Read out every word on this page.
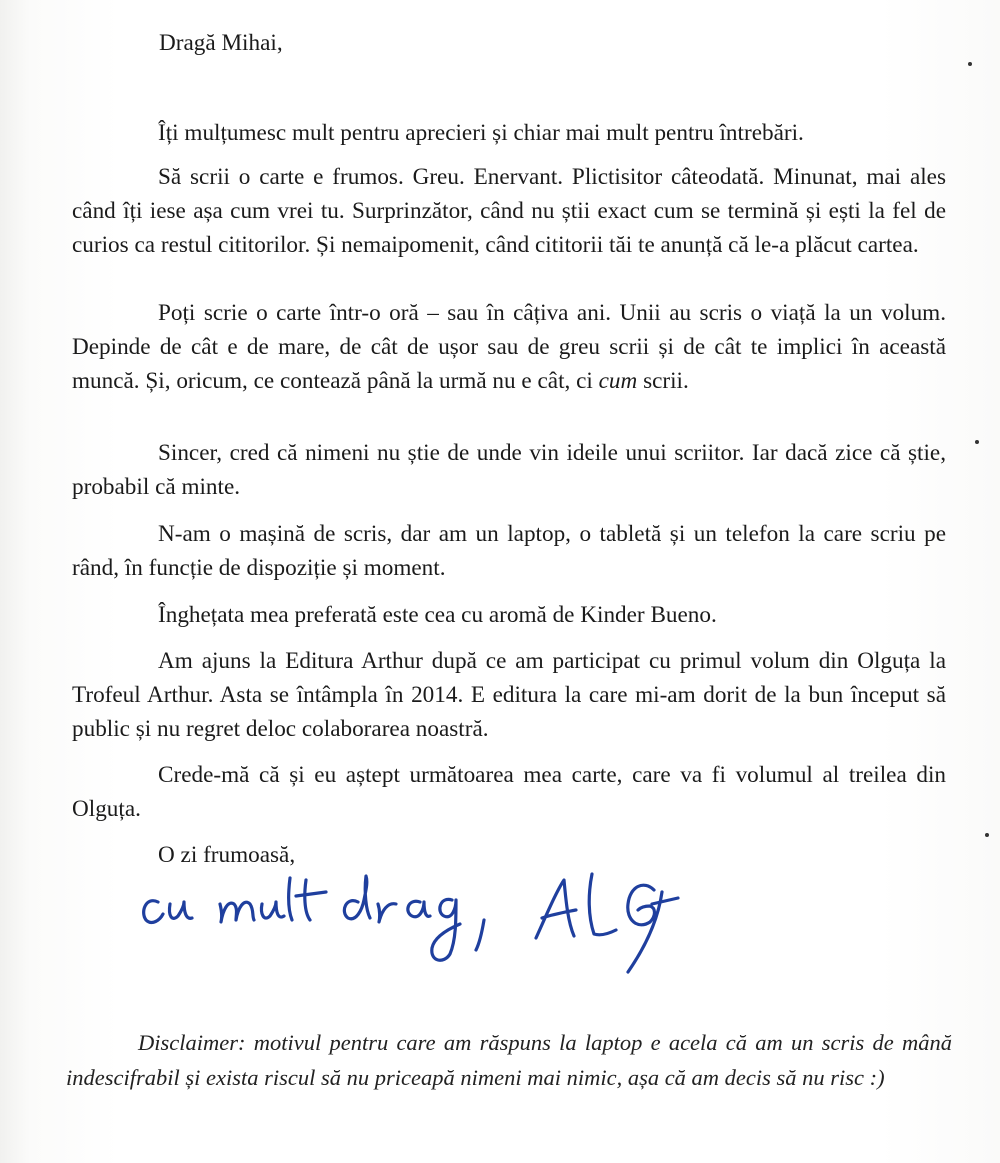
Dragă Mihai,

Îți mulțumesc mult pentru aprecieri și chiar mai mult pentru întrebări.

Să scrii o carte e frumos. Greu. Enervant. Plictisitor câteodată. Minunat, mai ales când îți iese așa cum vrei tu. Surprinzător, când nu știi exact cum se termină și ești la fel de curios ca restul cititorilor. Și nemaipomenit, când cititorii tăi te anunță că le-a plăcut cartea.

Poți scrie o carte într-o oră – sau în câțiva ani. Unii au scris o viață la un volum. Depinde de cât e de mare, de cât de ușor sau de greu scrii și de cât te implici în această muncă. Și, oricum, ce contează până la urmă nu e cât, ci cum scrii.

Sincer, cred că nimeni nu știe de unde vin ideile unui scriitor. Iar dacă zice că știe, probabil că minte.

N-am o mașină de scris, dar am un laptop, o tabletă și un telefon la care scriu pe rând, în funcție de dispoziție și moment.

Înghețata mea preferată este cea cu aromă de Kinder Bueno.

Am ajuns la Editura Arthur după ce am participat cu primul volum din Olguța la Trofeul Arthur. Asta se întâmpla în 2014. E editura la care mi-am dorit de la bun început să public și nu regret deloc colaborarea noastră.

Crede-mă că și eu aștept următoarea mea carte, care va fi volumul al treilea din Olguța.

O zi frumoasă,

Disclaimer: motivul pentru care am răspuns la laptop e acela că am un scris de mână indescifrabil și exista riscul să nu priceapă nimeni mai nimic, așa că am decis să nu risc :)
